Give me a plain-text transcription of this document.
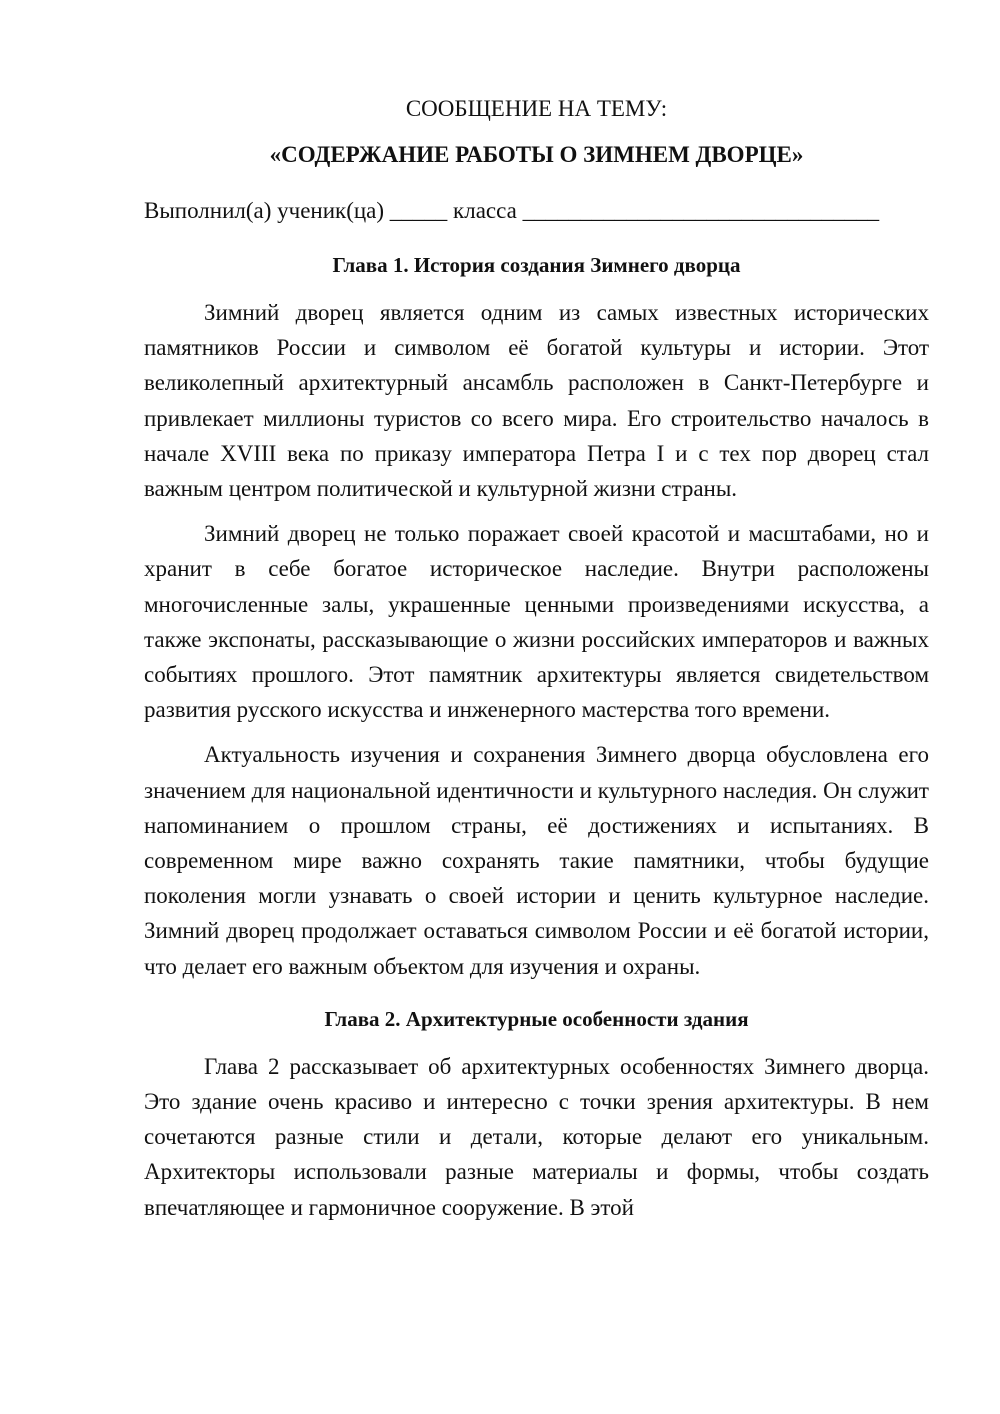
СООБЩЕНИЕ НА ТЕМУ:

«СОДЕРЖАНИЕ РАБОТЫ О ЗИМНЕМ ДВОРЦЕ»

Выполнил(а) ученик(ца) _____ класса _______________________________

Глава 1. История создания Зимнего дворца

Зимний дворец является одним из самых известных исторических памятников России и символом её богатой культуры и истории. Этот великолепный архитектурный ансамбль расположен в Санкт-Петербурге и привлекает миллионы туристов со всего мира. Его строительство началось в начале XVIII века по приказу императора Петра I и с тех пор дворец стал важным центром политической и культурной жизни страны.

Зимний дворец не только поражает своей красотой и масштабами, но и хранит в себе богатое историческое наследие. Внутри расположены многочисленные залы, украшенные ценными произведениями искусства, а также экспонаты, рассказывающие о жизни российских императоров и важных событиях прошлого. Этот памятник архитектуры является свидетельством развития русского искусства и инженерного мастерства того времени.

Актуальность изучения и сохранения Зимнего дворца обусловлена его значением для национальной идентичности и культурного наследия. Он служит напоминанием о прошлом страны, её достижениях и испытаниях. В современном мире важно сохранять такие памятники, чтобы будущие поколения могли узнавать о своей истории и ценить культурное наследие. Зимний дворец продолжает оставаться символом России и её богатой истории, что делает его важным объектом для изучения и охраны.

Глава 2. Архитектурные особенности здания

Глава 2 рассказывает об архитектурных особенностях Зимнего дворца. Это здание очень красиво и интересно с точки зрения архитектуры. В нем сочетаются разные стили и детали, которые делают его уникальным. Архитекторы использовали разные материалы и формы, чтобы создать впечатляющее и гармоничное сооружение. В этой
